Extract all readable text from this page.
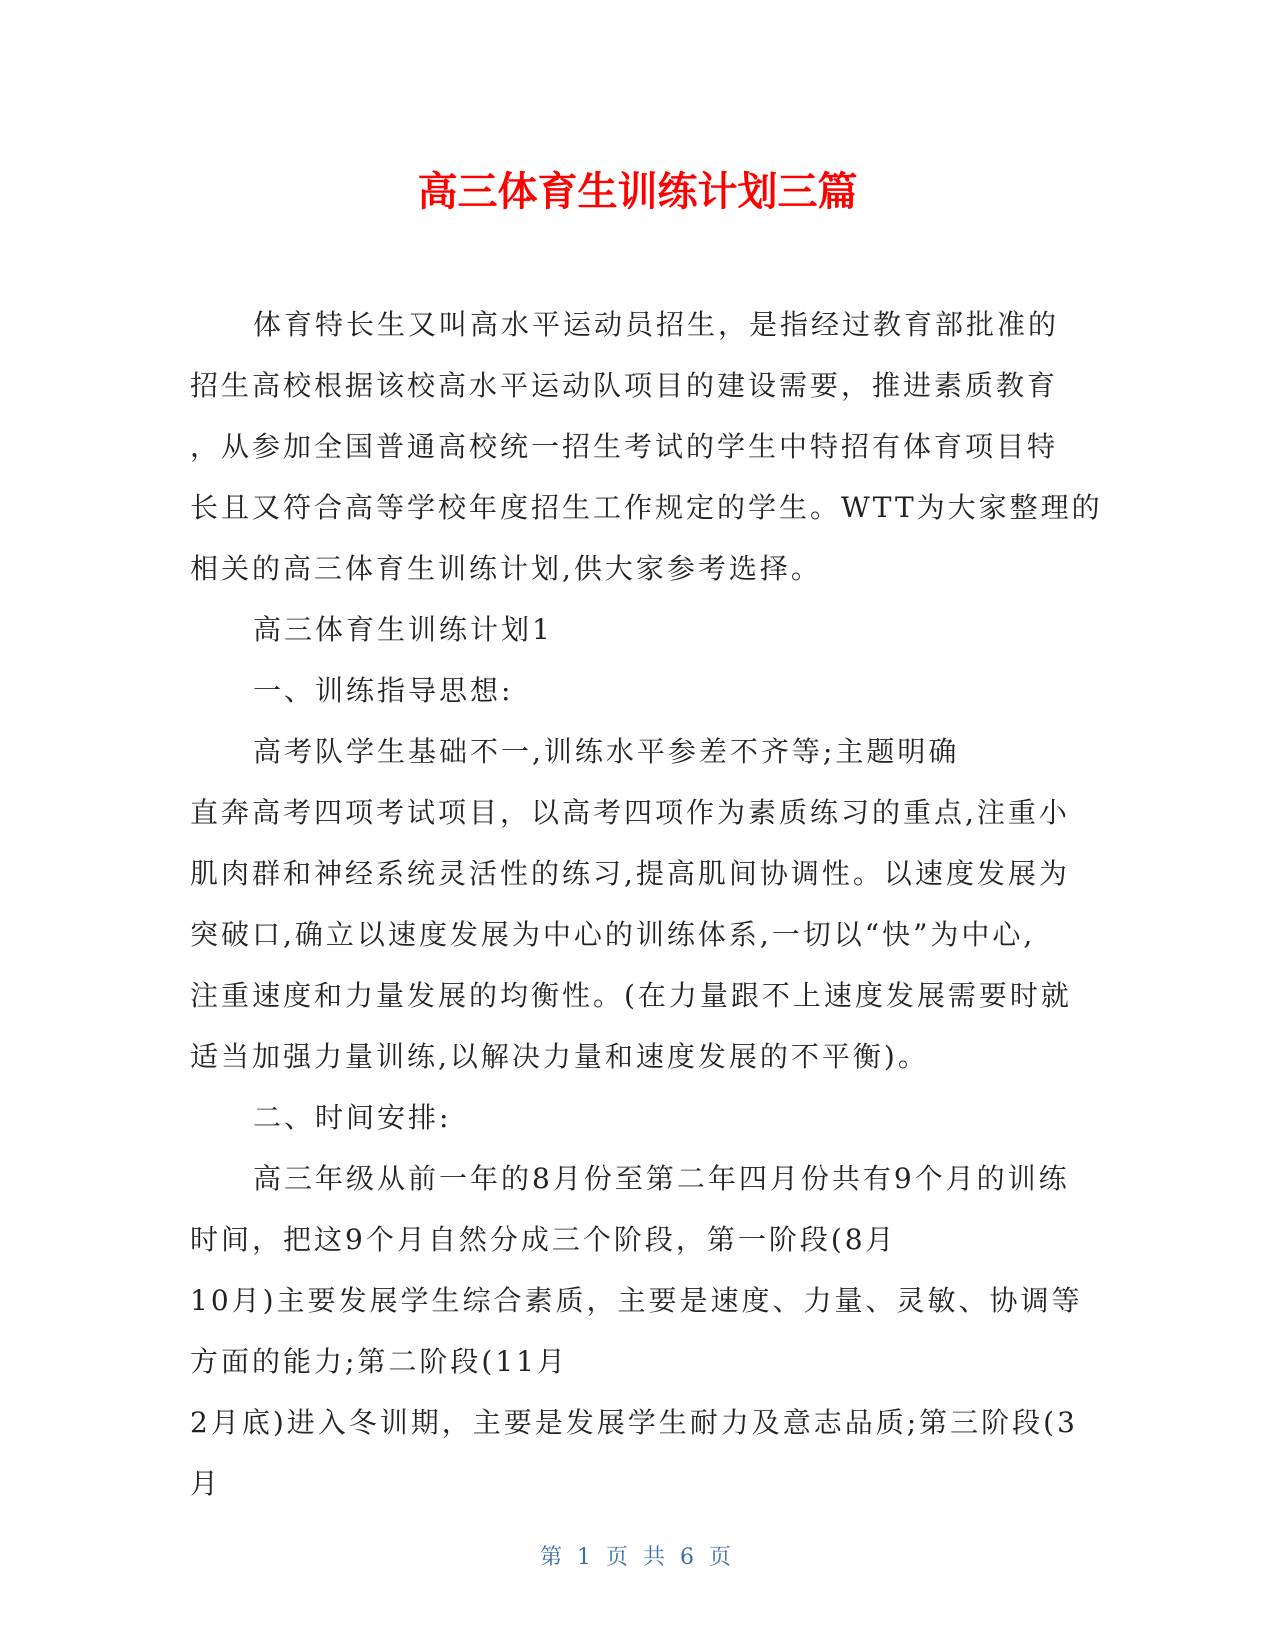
高三体育生训练计划三篇
体育特长生又叫高水平运动员招生，是指经过教育部批准的
招生高校根据该校高水平运动队项目的建设需要，推进素质教育
，从参加全国普通高校统一招生考试的学生中特招有体育项目特
长且又符合高等学校年度招生工作规定的学生。WTT为大家整理的
相关的高三体育生训练计划,供大家参考选择。
高三体育生训练计划1
一、训练指导思想:
高考队学生基础不一,训练水平参差不齐等;主题明确
直奔高考四项考试项目，以高考四项作为素质练习的重点,注重小
肌肉群和神经系统灵活性的练习,提高肌间协调性。以速度发展为
突破口,确立以速度发展为中心的训练体系,一切以“快”为中心,
注重速度和力量发展的均衡性。(在力量跟不上速度发展需要时就
适当加强力量训练,以解决力量和速度发展的不平衡)。
二、时间安排:
高三年级从前一年的8月份至第二年四月份共有9个月的训练
时间，把这9个月自然分成三个阶段，第一阶段(8月
10月)主要发展学生综合素质，主要是速度、力量、灵敏、协调等
方面的能力;第二阶段(11月
2月底)进入冬训期，主要是发展学生耐力及意志品质;第三阶段(3
月
第 1 页 共 6 页
